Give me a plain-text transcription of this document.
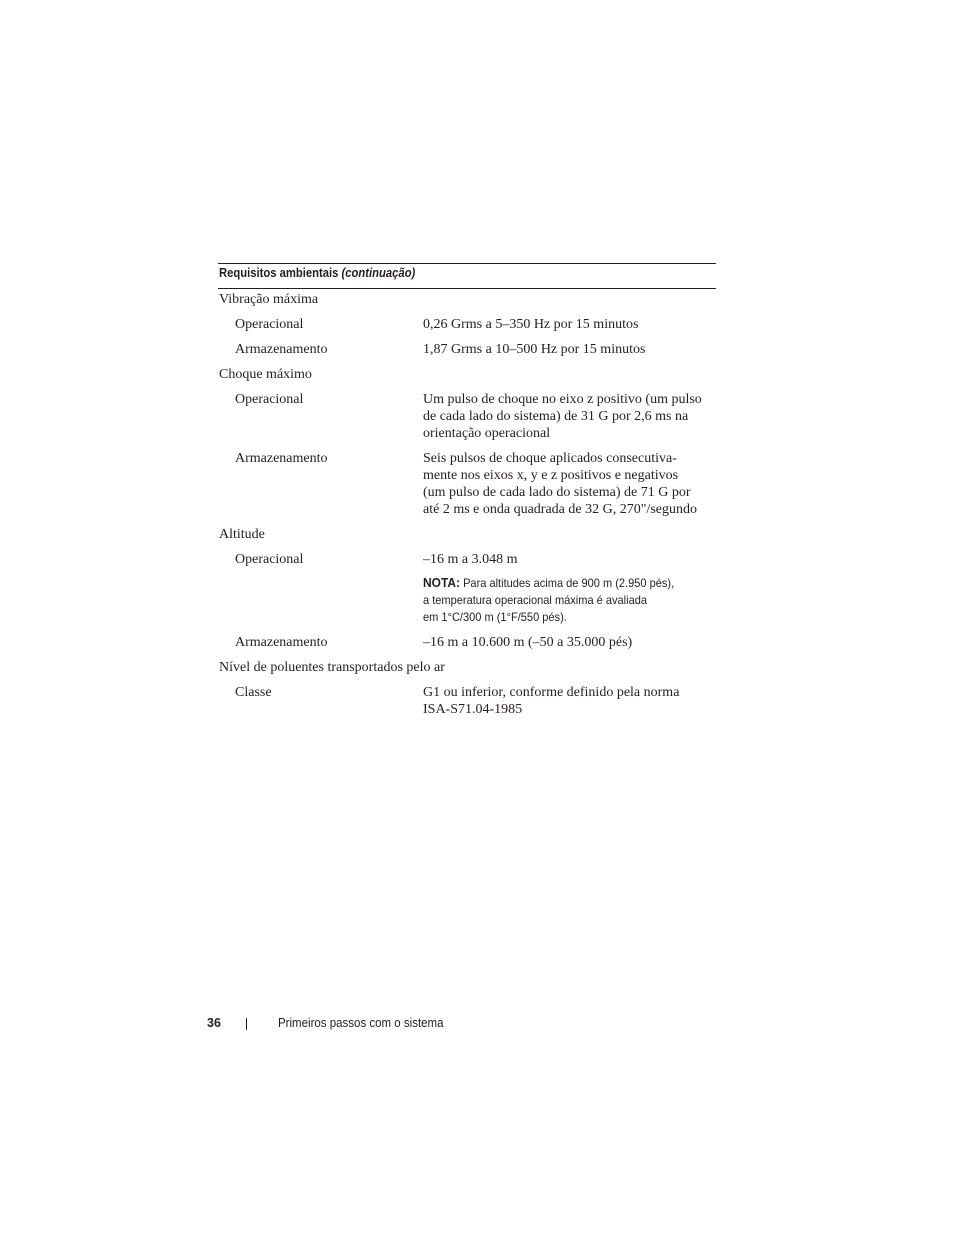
Requisitos ambientais (continuação)
Vibração máxima
Operacional	0,26 Grms a 5–350 Hz por 15 minutos
Armazenamento	1,87 Grms a 10–500 Hz por 15 minutos
Choque máximo
Operacional	Um pulso de choque no eixo z positivo (um pulso
de cada lado do sistema) de 31 G por 2,6 ms na
orientação operacional
Armazenamento	Seis pulsos de choque aplicados consecutiva-
mente nos eixos x, y e z positivos e negativos
(um pulso de cada lado do sistema) de 71 G por
até 2 ms e onda quadrada de 32 G, 270"/segundo
Altitude
Operacional	–16 m a 3.048 m
NOTA: Para altitudes acima de 900 m (2.950 pés),
a temperatura operacional máxima é avaliada
em 1°C/300 m (1°F/550 pés).
Armazenamento	–16 m a 10.600 m (–50 a 35.000 pés)
Nível de poluentes transportados pelo ar
Classe	G1 ou inferior, conforme definido pela norma
ISA-S71.04-1985
36	Primeiros passos com o sistema
